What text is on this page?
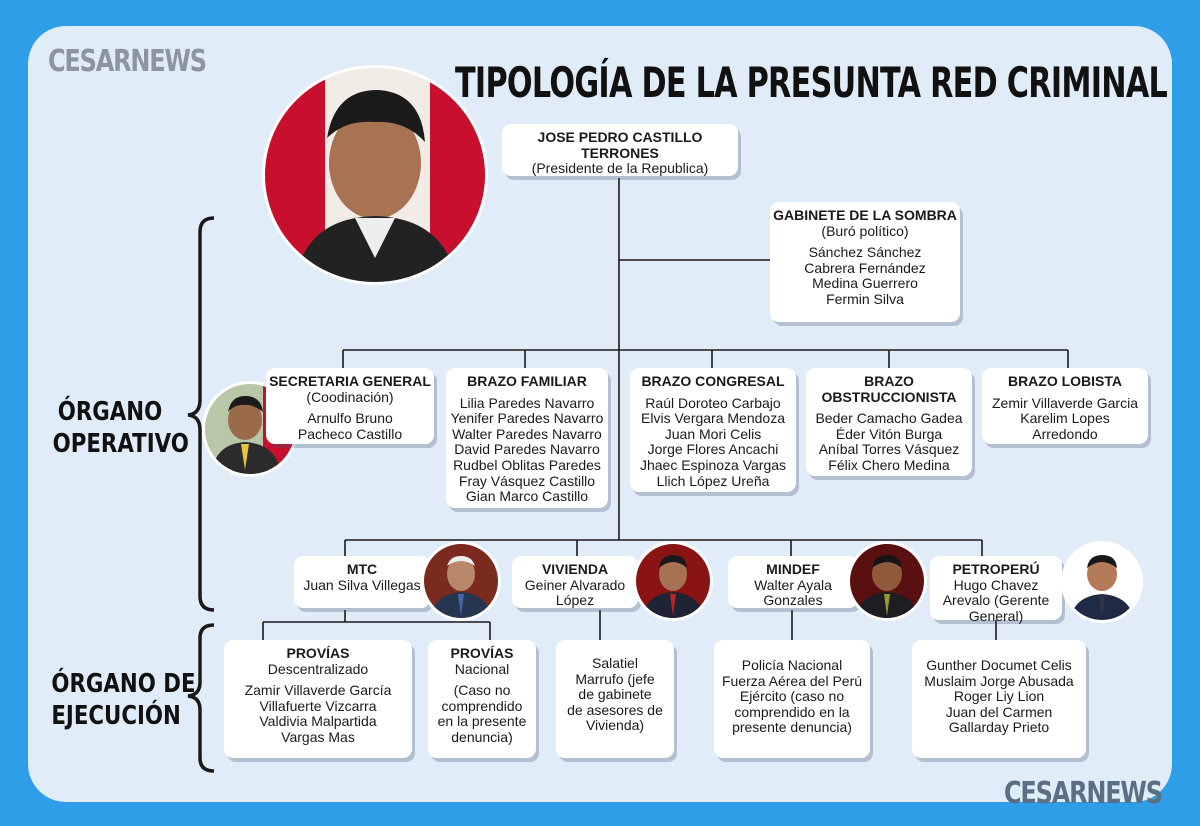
CESARNEWS
CESARNEWS
TIPOLOGÍA DE LA PRESUNTA RED CRIMINAL
ÓRGANO
OPERATIVO
ÓRGANO DE
EJECUCIÓN
JOSE PEDRO CASTILLO TERRONES
(Presidente de la Republica)
GABINETE DE LA SOMBRA
(Buró político)
Sánchez Sánchez
Cabrera Fernández
Medina Guerrero
Fermin Silva
SECRETARIA GENERAL
(Coodinación)
Arnulfo Bruno
Pacheco Castillo
BRAZO FAMILIAR
Lilia Paredes Navarro
Yenifer Paredes Navarro
Walter Paredes Navarro
David Paredes Navarro
Rudbel Oblitas Paredes
Fray Vásquez Castillo
Gian Marco Castillo
BRAZO CONGRESAL
Raúl Doroteo Carbajo
Elvis Vergara Mendoza
Juan Mori Celis
Jorge Flores Ancachi
Jhaec Espinoza Vargas
Llich López Ureña
BRAZO
OBSTRUCCIONISTA
Beder Camacho Gadea
Éder Vitón Burga
Aníbal Torres Vásquez
Félix Chero Medina
BRAZO LOBISTA
Zemir Villaverde Garcia
Karelim Lopes
Arredondo
MTC
Juan Silva Villegas
VIVIENDA
Geiner Alvarado
López
MINDEF
Walter Ayala
Gonzales
PETROPERÚ
Hugo Chavez
Arevalo (Gerente
General)
PROVÍAS
Descentralizado
Zamir Villaverde García
Villafuerte Vizcarra
Valdivia Malpartida
Vargas Mas
PROVÍAS
Nacional
(Caso no
comprendido
en la presente
denuncia)
Salatiel
Marrufo (jefe
de gabinete
de asesores de
Vivienda)
Policía Nacional
Fuerza Aérea del Perú
Ejército (caso no
comprendido en la
presente denuncia)
Gunther Documet Celis
Muslaim Jorge Abusada
Roger Liy Lion
Juan del Carmen
Gallarday Prieto
